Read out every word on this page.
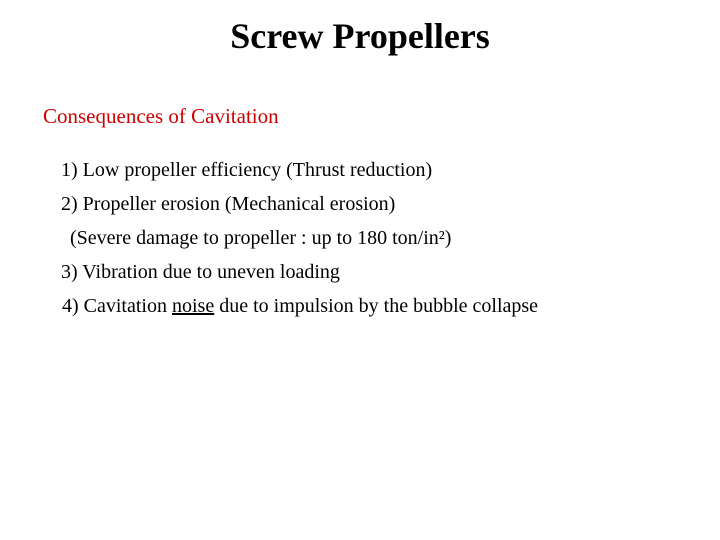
Screw Propellers
Consequences of Cavitation
1) Low propeller efficiency (Thrust reduction)
2) Propeller erosion (Mechanical erosion)
(Severe damage to propeller : up to 180 ton/in²)
3) Vibration due to uneven loading
4) Cavitation noise due to impulsion by the bubble collapse
